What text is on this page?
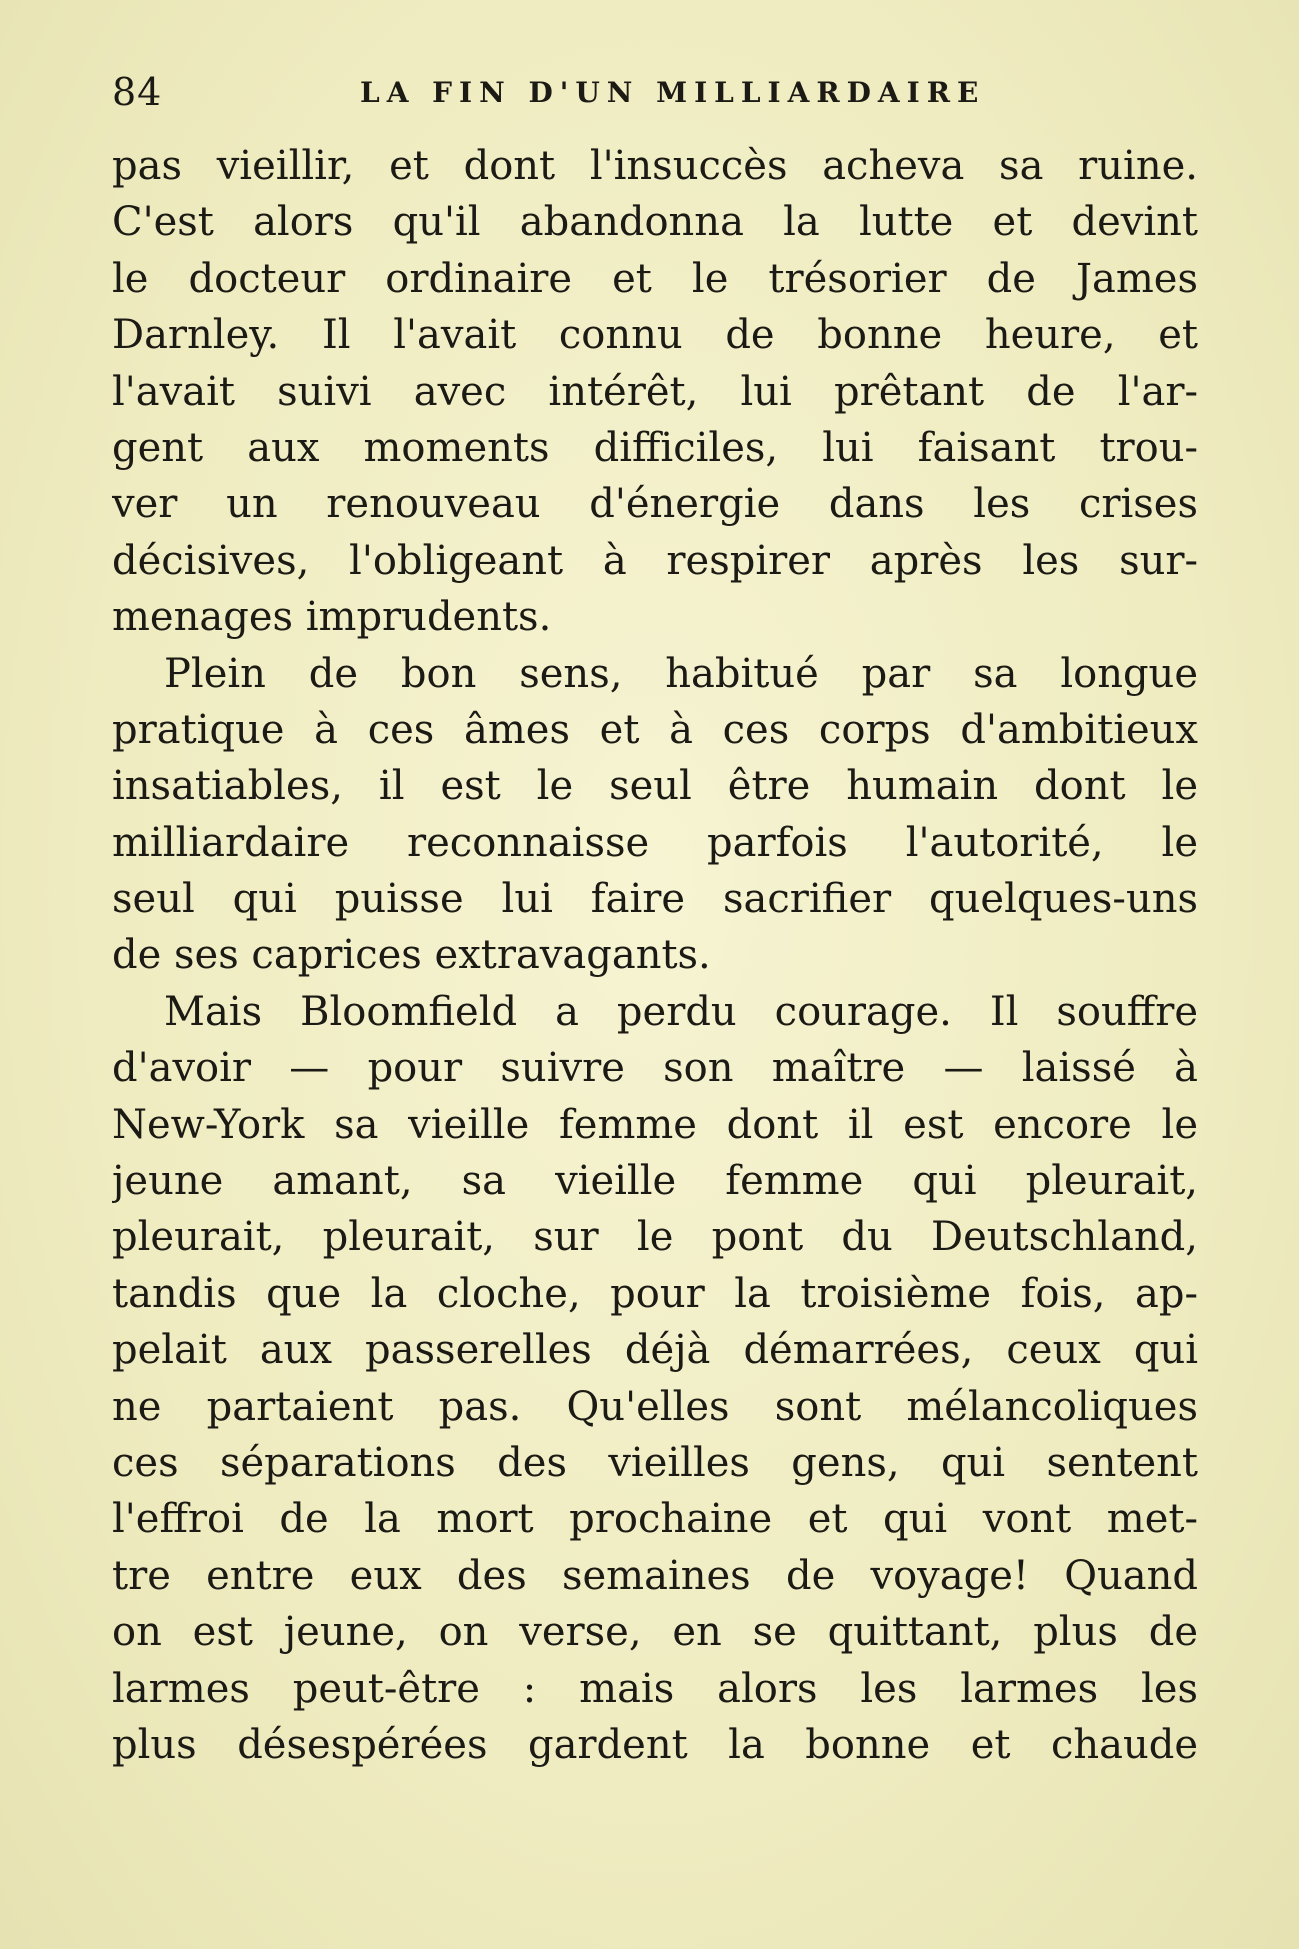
84	LA FIN D'UN MILLIARDAIRE
pas vieillir, et dont l'insuccès acheva sa ruine.
C'est alors qu'il abandonna la lutte et devint
le docteur ordinaire et le trésorier de James
Darnley. Il l'avait connu de bonne heure, et
l'avait suivi avec intérêt, lui prêtant de l'ar-
gent aux moments difficiles, lui faisant trou-
ver un renouveau d'énergie dans les crises
décisives, l'obligeant à respirer après les sur-
menages imprudents.
Plein de bon sens, habitué par sa longue
pratique à ces âmes et à ces corps d'ambitieux
insatiables, il est le seul être humain dont le
milliardaire reconnaisse parfois l'autorité, le
seul qui puisse lui faire sacrifier quelques-uns
de ses caprices extravagants.
Mais Bloomfield a perdu courage. Il souffre
d'avoir — pour suivre son maître — laissé à
New-York sa vieille femme dont il est encore le
jeune amant, sa vieille femme qui pleurait,
pleurait, pleurait, sur le pont du Deutschland,
tandis que la cloche, pour la troisième fois, ap-
pelait aux passerelles déjà démarrées, ceux qui
ne partaient pas. Qu'elles sont mélancoliques
ces séparations des vieilles gens, qui sentent
l'effroi de la mort prochaine et qui vont met-
tre entre eux des semaines de voyage! Quand
on est jeune, on verse, en se quittant, plus de
larmes peut-être : mais alors les larmes les
plus désespérées gardent la bonne et chaude
